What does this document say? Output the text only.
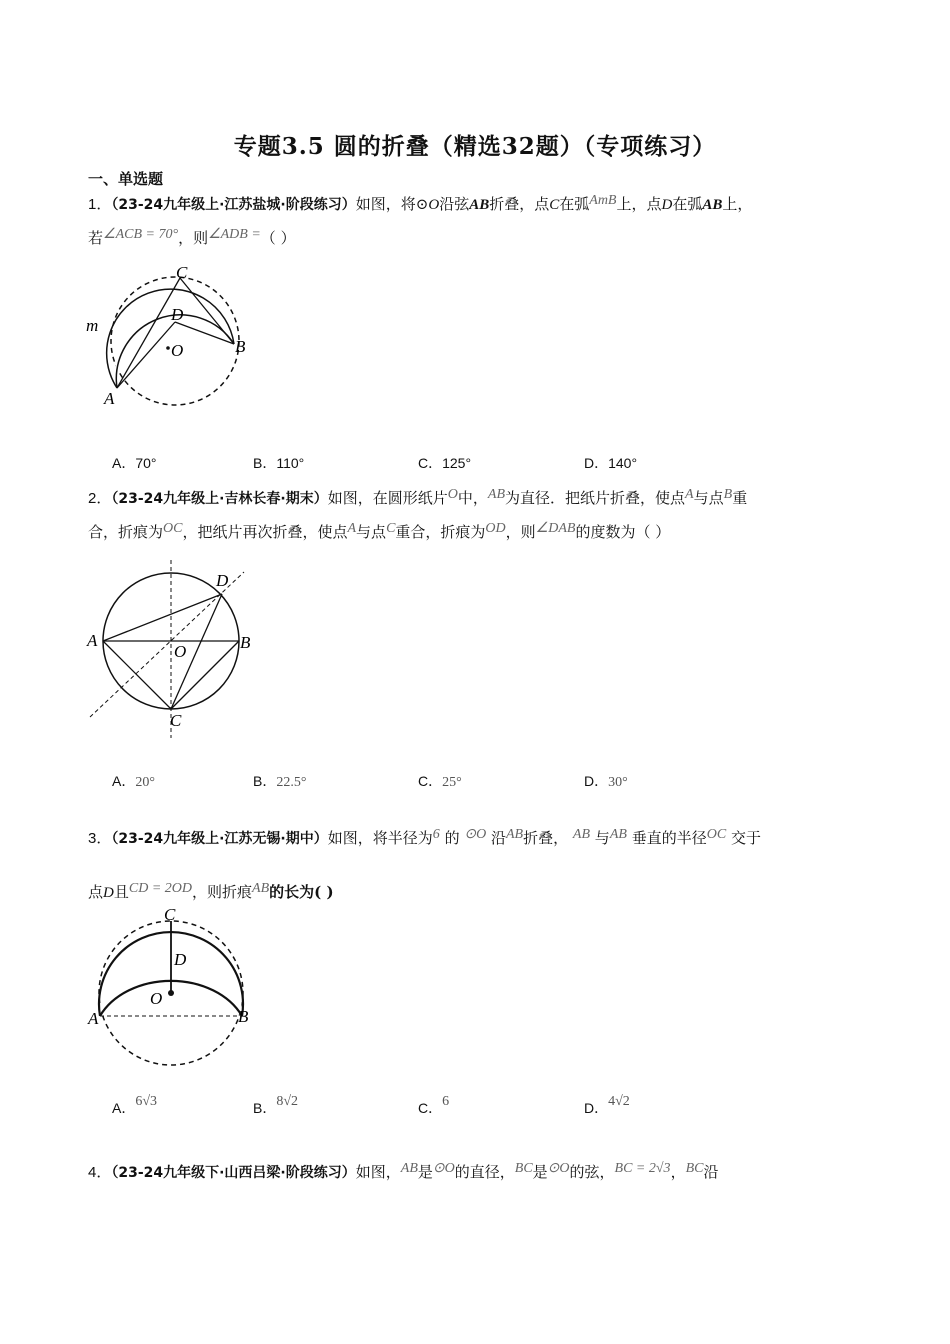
专题3.5 圆的折叠（精选32题）（专项练习）
一、单选题
1．（23-24九年级上·江苏盐城·阶段练习）如图，将⊙O沿弦AB折叠，点C在弧AmB上，点D在弧AB上，
若∠ACB = 70°，则∠ADB =（ ）
C
D
O	B
A
m
A．70°	B．110°	C．125°	D．140°
2．（23-24九年级上·吉林长春·期末）如图，在圆形纸片O中，AB为直径．把纸片折叠，使点A与点B重
合，折痕为OC，把纸片再次折叠，使点A与点C重合，折痕为OD，则∠DAB的度数为（ ）
D
A
O	B
C
A．20°	B．22.5°	C．25°	D．30°
3．（23-24九年级上·江苏无锡·期中）如图，将半径为6 的 ⊙O 沿AB折叠， AB 与AB 垂直的半径OC 交于
点D且CD = 2OD，则折痕AB的长为( )
C
D
O
A	B
A．6√3	B．8√2	C．6	D．4√2
4．（23-24九年级下·山西吕梁·阶段练习）如图，AB是⊙O的直径，BC是⊙O的弦，BC = 2√3，BC沿
